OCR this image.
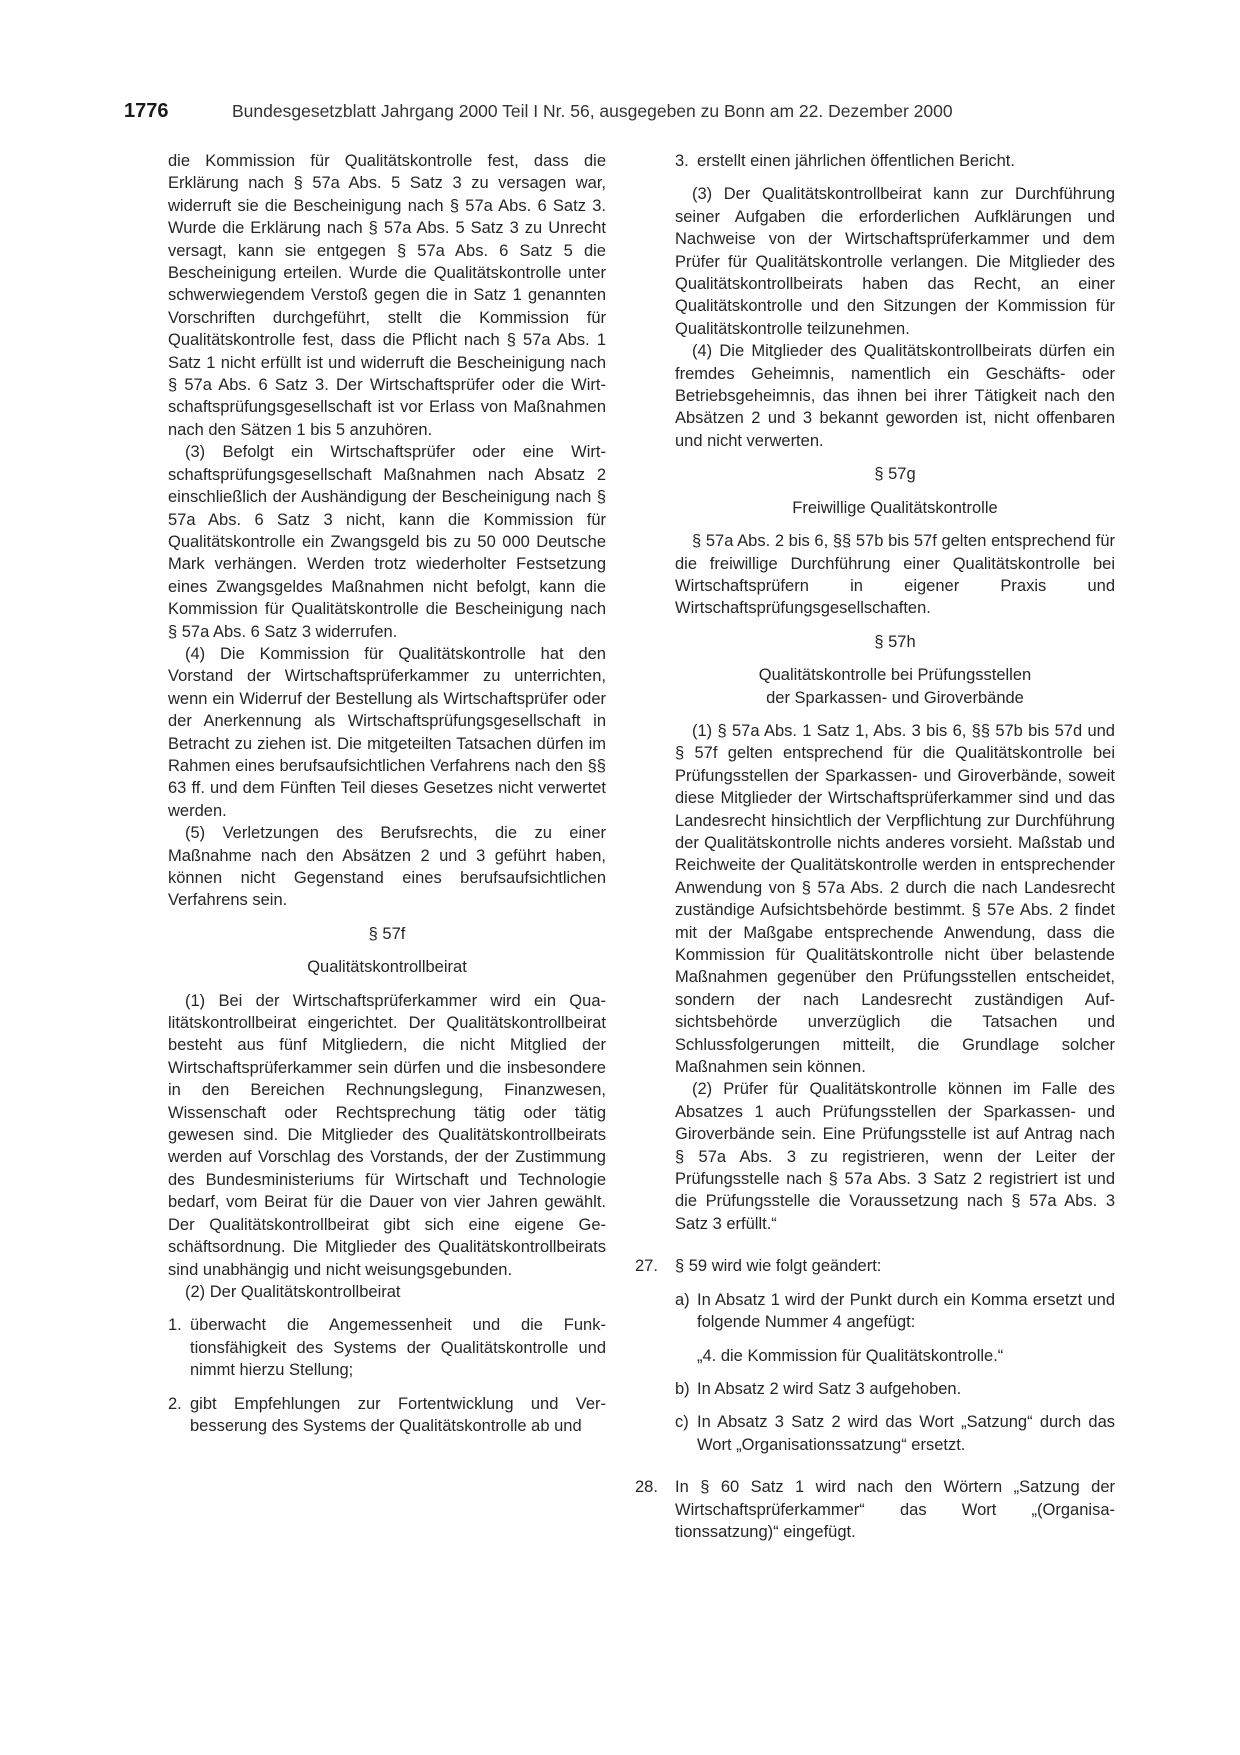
1776	Bundesgesetzblatt Jahrgang 2000 Teil I Nr. 56, ausgegeben zu Bonn am 22. Dezember 2000

die Kommission für Qualitätskontrolle fest, dass die Erklärung nach § 57a Abs. 5 Satz 3 zu versagen war, widerruft sie die Bescheinigung nach § 57a Abs. 6 Satz 3. Wurde die Erklärung nach § 57a Abs. 5 Satz 3 zu Unrecht versagt, kann sie entgegen § 57a Abs. 6 Satz 5 die Bescheinigung erteilen. Wurde die Qualitätskontrolle unter schwerwiegendem Verstoß gegen die in Satz 1 genannten Vorschriften durchgeführt, stellt die Kommission für Qualitätskontrolle fest, dass die Pflicht nach § 57a Abs. 1 Satz 1 nicht erfüllt ist und widerruft die Bescheinigung nach § 57a Abs. 6 Satz 3. Der Wirtschaftsprüfer oder die Wirtschaftsprüfungsgesellschaft ist vor Erlass von Maßnahmen nach den Sätzen 1 bis 5 anzuhören.

(3) Befolgt ein Wirtschaftsprüfer oder eine Wirtschaftsprüfungsgesellschaft Maßnahmen nach Absatz 2 einschließlich der Aushändigung der Bescheinigung nach § 57a Abs. 6 Satz 3 nicht, kann die Kommission für Qualitätskontrolle ein Zwangsgeld bis zu 50 000 Deutsche Mark verhängen. Werden trotz wiederholter Festsetzung eines Zwangsgeldes Maßnahmen nicht befolgt, kann die Kommission für Qualitätskontrolle die Bescheinigung nach § 57a Abs. 6 Satz 3 widerrufen.

(4) Die Kommission für Qualitätskontrolle hat den Vorstand der Wirtschaftsprüferkammer zu unterrichten, wenn ein Widerruf der Bestellung als Wirtschaftsprüfer oder der Anerkennung als Wirtschaftsprüfungsgesellschaft in Betracht zu ziehen ist. Die mitgeteilten Tatsachen dürfen im Rahmen eines berufsaufsichtlichen Verfahrens nach den §§ 63 ff. und dem Fünften Teil dieses Gesetzes nicht verwertet werden.

(5) Verletzungen des Berufsrechts, die zu einer Maßnahme nach den Absätzen 2 und 3 geführt haben, können nicht Gegenstand eines berufsaufsichtlichen Verfahrens sein.

§ 57f

Qualitätskontrollbeirat

(1) Bei der Wirtschaftsprüferkammer wird ein Qualitätskontrollbeirat eingerichtet. Der Qualitätskontrollbeirat besteht aus fünf Mitgliedern, die nicht Mitglied der Wirtschaftsprüferkammer sein dürfen und die insbesondere in den Bereichen Rechnungslegung, Finanzwesen, Wissenschaft oder Rechtsprechung tätig oder tätig gewesen sind. Die Mitglieder des Qualitätskontrollbeirats werden auf Vorschlag des Vorstands, der der Zustimmung des Bundesministeriums für Wirtschaft und Technologie bedarf, vom Beirat für die Dauer von vier Jahren gewählt. Der Qualitätskontrollbeirat gibt sich eine eigene Geschäftsordnung. Die Mitglieder des Qualitätskontrollbeirats sind unabhängig und nicht weisungsgebunden.

(2) Der Qualitätskontrollbeirat

1. überwacht die Angemessenheit und die Funktionsfähigkeit des Systems der Qualitätskontrolle und nimmt hierzu Stellung;
2. gibt Empfehlungen zur Fortentwicklung und Verbesserung des Systems der Qualitätskontrolle ab und
3. erstellt einen jährlichen öffentlichen Bericht.

(3) Der Qualitätskontrollbeirat kann zur Durchführung seiner Aufgaben die erforderlichen Aufklärungen und Nachweise von der Wirtschaftsprüferkammer und dem Prüfer für Qualitätskontrolle verlangen. Die Mitglieder des Qualitätskontrollbeirats haben das Recht, an einer Qualitätskontrolle und den Sitzungen der Kommission für Qualitätskontrolle teilzunehmen.

(4) Die Mitglieder des Qualitätskontrollbeirats dürfen ein fremdes Geheimnis, namentlich ein Geschäfts- oder Betriebsgeheimnis, das ihnen bei ihrer Tätigkeit nach den Absätzen 2 und 3 bekannt geworden ist, nicht offenbaren und nicht verwerten.

§ 57g

Freiwillige Qualitätskontrolle

§ 57a Abs. 2 bis 6, §§ 57b bis 57f gelten entsprechend für die freiwillige Durchführung einer Qualitätskontrolle bei Wirtschaftsprüfern in eigener Praxis und Wirtschaftsprüfungsgesellschaften.

§ 57h

Qualitätskontrolle bei Prüfungsstellen
der Sparkassen- und Giroverbände

(1) § 57a Abs. 1 Satz 1, Abs. 3 bis 6, §§ 57b bis 57d und § 57f gelten entsprechend für die Qualitätskontrolle bei Prüfungsstellen der Sparkassen- und Giroverbände, soweit diese Mitglieder der Wirtschaftsprüferkammer sind und das Landesrecht hinsichtlich der Verpflichtung zur Durchführung der Qualitätskontrolle nichts anderes vorsieht. Maßstab und Reichweite der Qualitätskontrolle werden in entsprechender Anwendung von § 57a Abs. 2 durch die nach Landesrecht zuständige Aufsichtsbehörde bestimmt. § 57e Abs. 2 findet mit der Maßgabe entsprechende Anwendung, dass die Kommission für Qualitätskontrolle nicht über belastende Maßnahmen gegenüber den Prüfungsstellen entscheidet, sondern der nach Landesrecht zuständigen Aufsichtsbehörde unverzüglich die Tatsachen und Schlussfolgerungen mitteilt, die Grundlage solcher Maßnahmen sein können.

(2) Prüfer für Qualitätskontrolle können im Falle des Absatzes 1 auch Prüfungsstellen der Sparkassen- und Giroverbände sein. Eine Prüfungsstelle ist auf Antrag nach § 57a Abs. 3 zu registrieren, wenn der Leiter der Prüfungsstelle nach § 57a Abs. 3 Satz 2 registriert ist und die Prüfungsstelle die Voraussetzung nach § 57a Abs. 3 Satz 3 erfüllt.“

27. § 59 wird wie folgt geändert:
a) In Absatz 1 wird der Punkt durch ein Komma ersetzt und folgende Nummer 4 angefügt:

„4. die Kommission für Qualitätskontrolle.“

b) In Absatz 2 wird Satz 3 aufgehoben.
c) In Absatz 3 Satz 2 wird das Wort „Satzung“ durch das Wort „Organisationssatzung“ ersetzt.
28. In § 60 Satz 1 wird nach den Wörtern „Satzung der Wirtschaftsprüferkammer“ das Wort „(Organisationssatzung)“ eingefügt.
